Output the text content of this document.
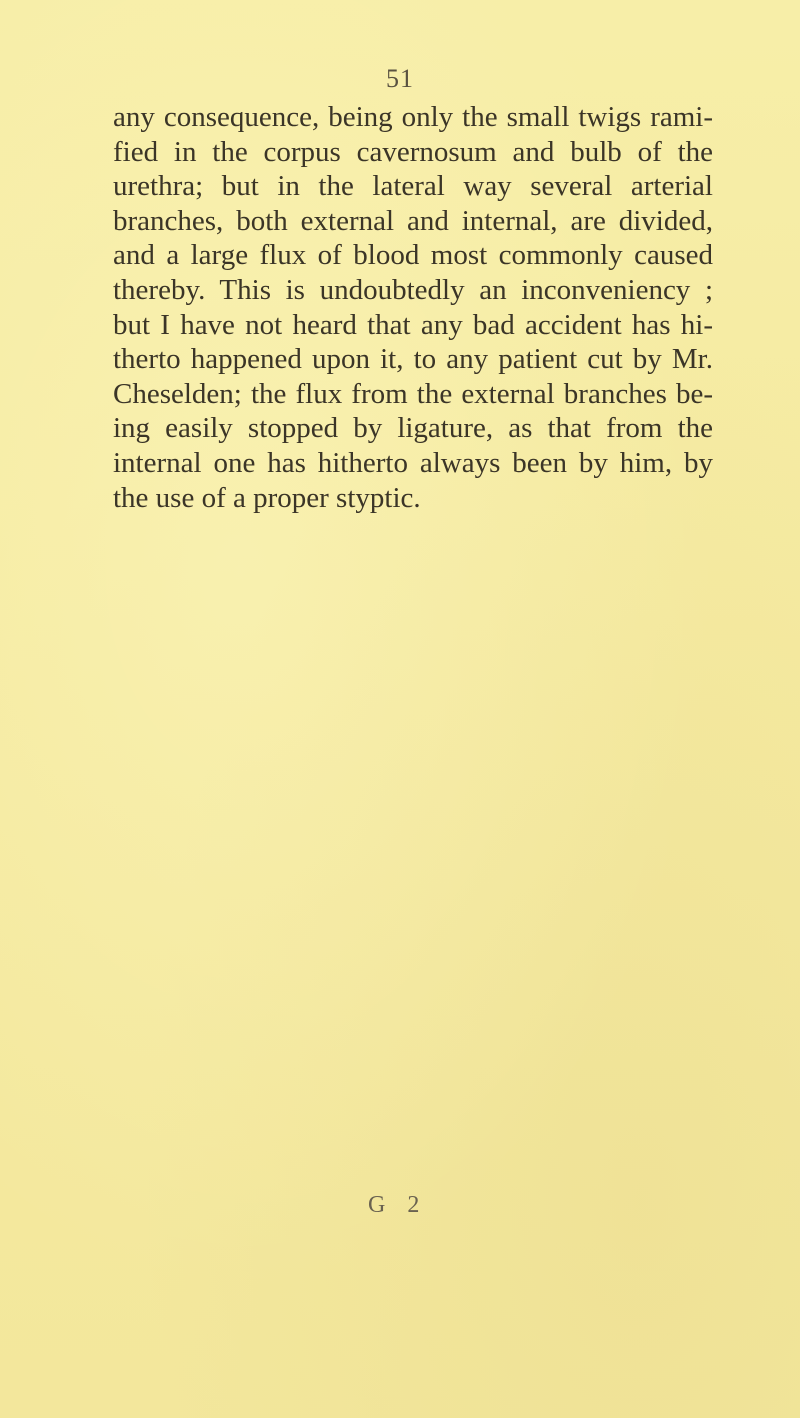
51

any consequence, being only the small twigs rami-
fied in the corpus cavernosum and bulb of the
urethra; but in the lateral way several arterial
branches, both external and internal, are divided,
and a large flux of blood most commonly caused
thereby. This is undoubtedly an inconveniency ;
but I have not heard that any bad accident has hi-
therto happened upon it, to any patient cut by Mr.
Cheselden; the flux from the external branches be-
ing easily stopped by ligature, as that from the
internal one has hitherto always been by him, by
the use of a proper styptic.

G 2
